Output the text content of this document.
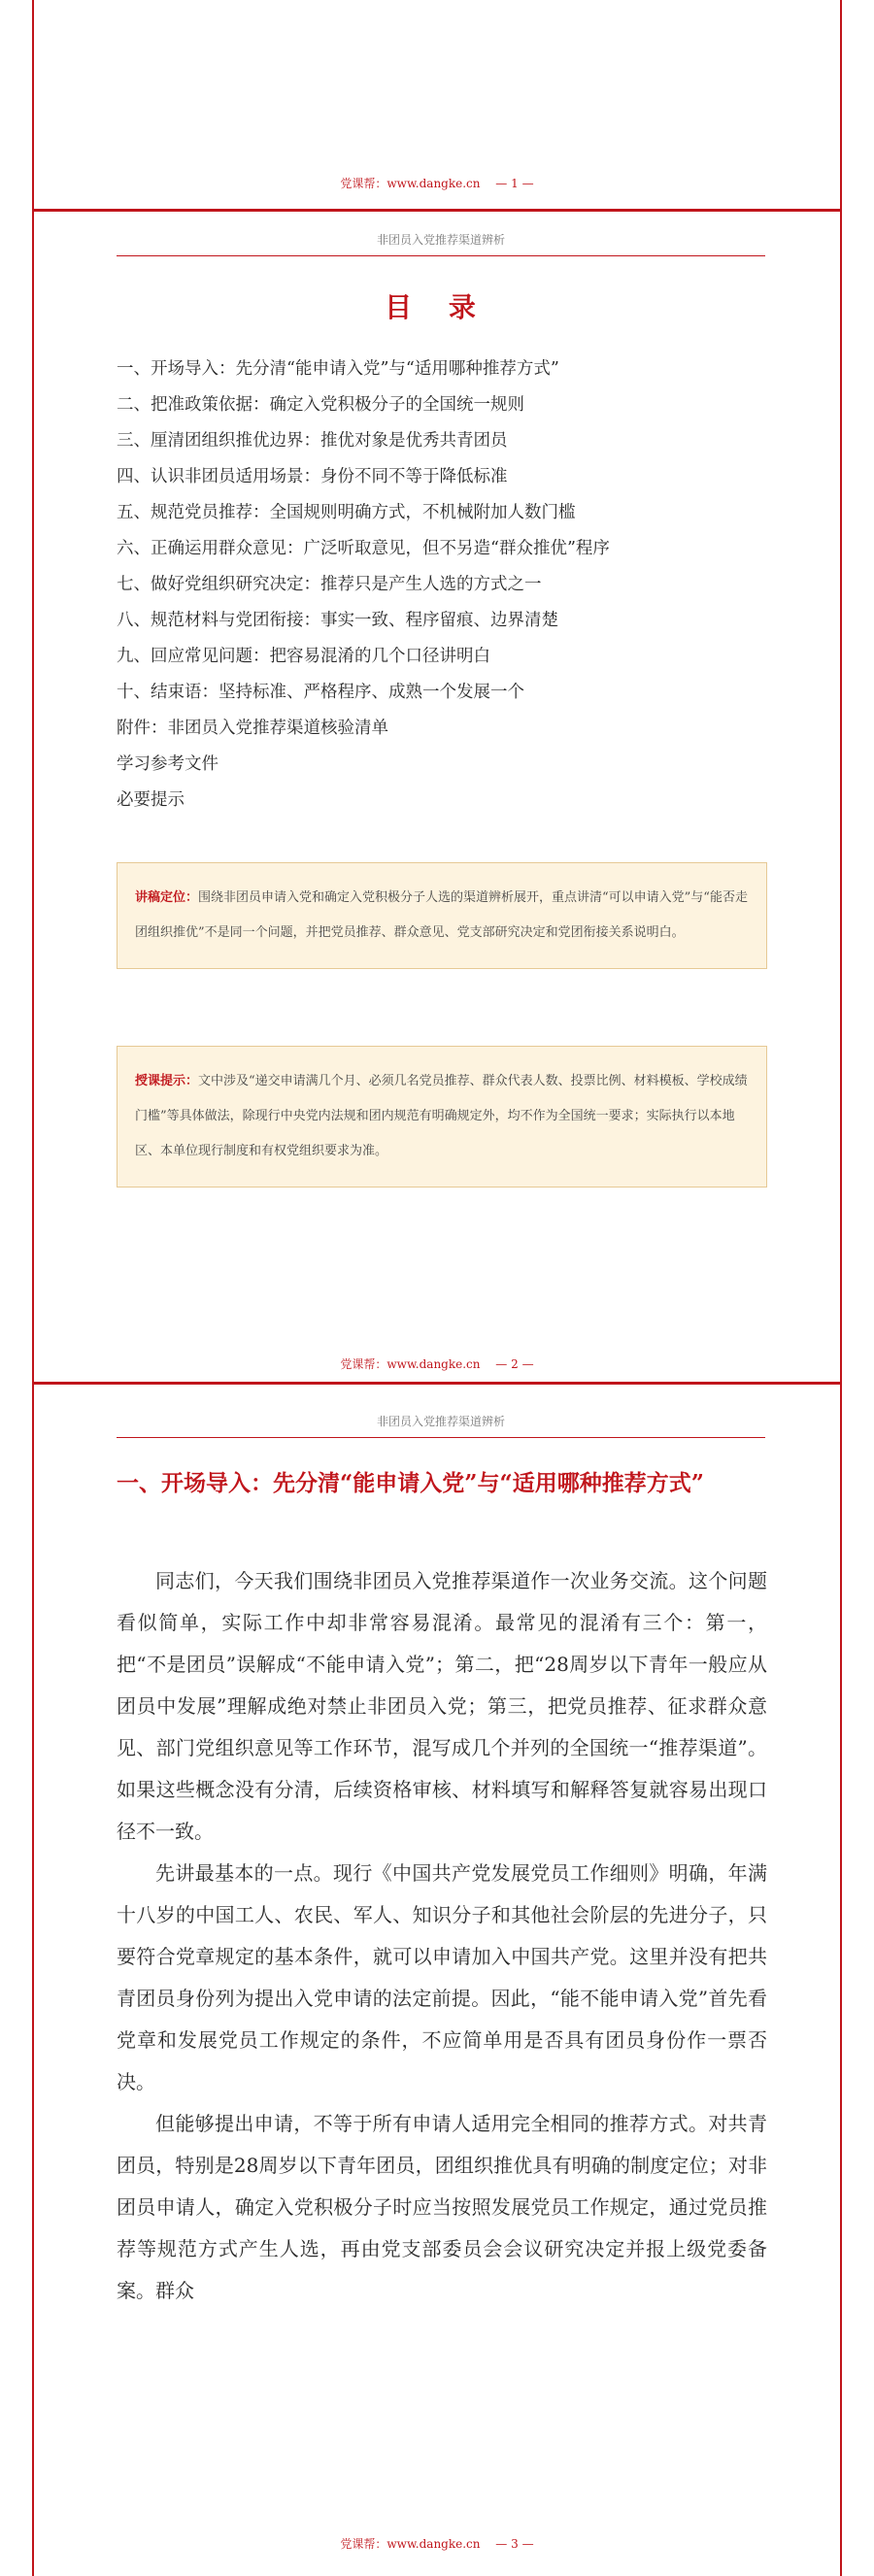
党课帮：www.dangke.cn　 — 1 —
非团员入党推荐渠道辨析
目 录
一、开场导入：先分清“能申请入党”与“适用哪种推荐方式”
二、把准政策依据：确定入党积极分子的全国统一规则
三、厘清团组织推优边界：推优对象是优秀共青团员
四、认识非团员适用场景：身份不同不等于降低标准
五、规范党员推荐：全国规则明确方式，不机械附加人数门槛
六、正确运用群众意见：广泛听取意见，但不另造“群众推优”程序
七、做好党组织研究决定：推荐只是产生人选的方式之一
八、规范材料与党团衔接：事实一致、程序留痕、边界清楚
九、回应常见问题：把容易混淆的几个口径讲明白
十、结束语：坚持标准、严格程序、成熟一个发展一个
附件：非团员入党推荐渠道核验清单
学习参考文件
必要提示
讲稿定位：围绕非团员申请入党和确定入党积极分子人选的渠道辨析展开，重点讲清“可以申请入党”与“能否走团组织推优”不是同一个问题，并把党员推荐、群众意见、党支部研究决定和党团衔接关系说明白。
授课提示：文中涉及“递交申请满几个月、必须几名党员推荐、群众代表人数、投票比例、材料模板、学校成绩门槛”等具体做法，除现行中央党内法规和团内规范有明确规定外，均不作为全国统一要求；实际执行以本地区、本单位现行制度和有权党组织要求为准。
党课帮：www.dangke.cn　 — 2 —
非团员入党推荐渠道辨析
一、开场导入：先分清“能申请入党”与“适用哪种推荐方式”

同志们，今天我们围绕非团员入党推荐渠道作一次业务交流。这个问题看似简单，实际工作中却非常容易混淆。最常见的混淆有三个：第一，把“不是团员”误解成“不能申请入党”；第二，把“28周岁以下青年一般应从团员中发展”理解成绝对禁止非团员入党；第三，把党员推荐、征求群众意见、部门党组织意见等工作环节，混写成几个并列的全国统一“推荐渠道”。如果这些概念没有分清，后续资格审核、材料填写和解释答复就容易出现口径不一致。

先讲最基本的一点。现行《中国共产党发展党员工作细则》明确，年满十八岁的中国工人、农民、军人、知识分子和其他社会阶层的先进分子，只要符合党章规定的基本条件，就可以申请加入中国共产党。这里并没有把共青团员身份列为提出入党申请的法定前提。因此，“能不能申请入党”首先看党章和发展党员工作规定的条件，不应简单用是否具有团员身份作一票否决。

但能够提出申请，不等于所有申请人适用完全相同的推荐方式。对共青团员，特别是28周岁以下青年团员，团组织推优具有明确的制度定位；对非团员申请人，确定入党积极分子时应当按照发展党员工作规定，通过党员推荐等规范方式产生人选，再由党支部委员会会议研究决定并报上级党委备案。群众

党课帮：www.dangke.cn　 — 3 —
